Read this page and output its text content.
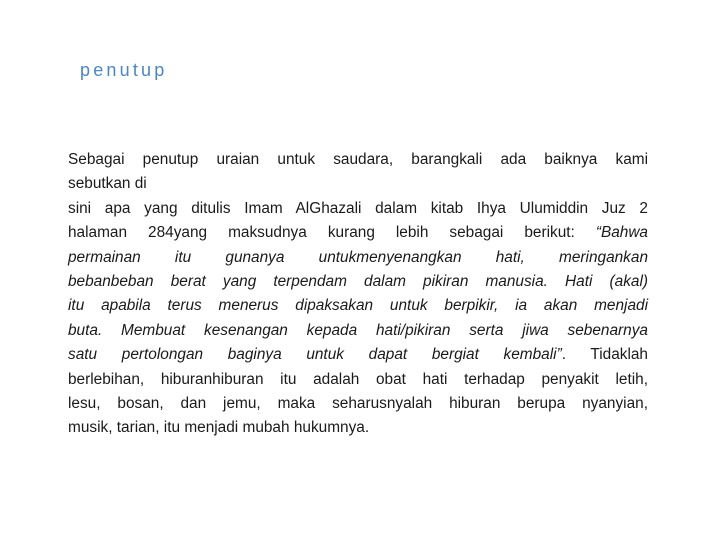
penutup
Sebagai penutup uraian untuk saudara, barangkali ada baiknya kami
sebutkan di
sini apa yang ditulis Imam AlGhazali dalam kitab Ihya Ulumiddin Juz 2
halaman 284yang maksudnya kurang lebih sebagai berikut: “Bahwa
permainan itu gunanya untukmenyenangkan hati, meringankan
bebanbeban berat yang terpendam dalam pikiran manusia. Hati (akal)
itu apabila terus menerus dipaksakan untuk berpikir, ia akan menjadi
buta. Membuat kesenangan kepada hati/pikiran serta jiwa sebenarnya
satu pertolongan baginya untuk dapat bergiat kembali”. Tidaklah
berlebihan, hiburanhiburan itu adalah obat hati terhadap penyakit letih,
lesu, bosan, dan jemu, maka seharusnyalah hiburan berupa nyanyian,
musik, tarian, itu menjadi mubah hukumnya.
